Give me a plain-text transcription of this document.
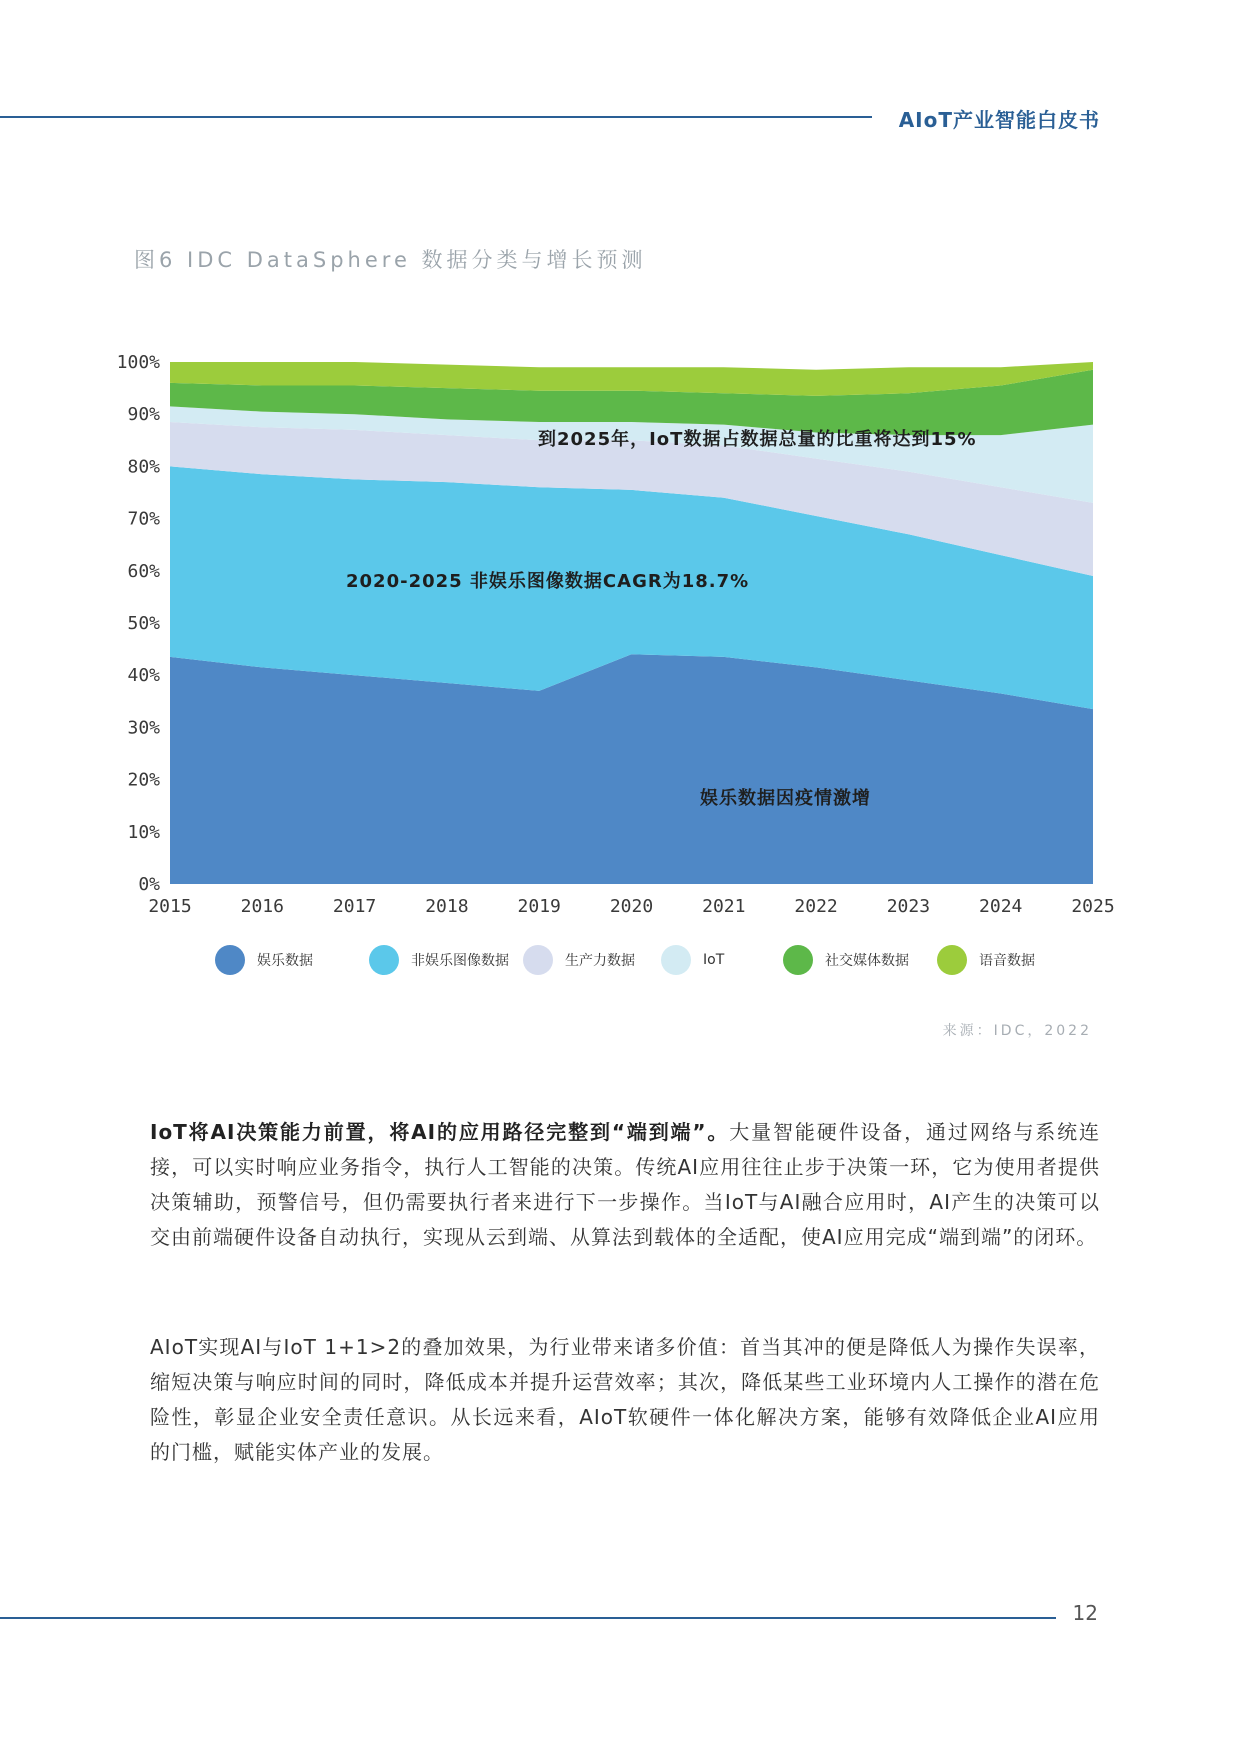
AIoT产业智能白皮书
图6 IDC DataSphere 数据分类与增长预测
0%
10%
20%
30%
40%
50%
60%
70%
80%
90%
100%
2015	2016	2017	2018	2019	2020	2021	2022	2023	2024	2025
到2025年，IoT数据占数据总量的比重将达到15%
2020-2025 非娱乐图像数据CAGR为18.7%
娱乐数据因疫情激增
娱乐数据	非娱乐图像数据	生产力数据	IoT	社交媒体数据	语音数据
来源：IDC，2022
IoT将AI决策能力前置，将AI的应用路径完整到“端到端”。大量智能硬件设备，通过网络与系统连接，可以实时响应业务指令，执行人工智能的决策。传统AI应用往往止步于决策一环，它为使用者提供决策辅助，预警信号，但仍需要执行者来进行下一步操作。当IoT与AI融合应用时，AI产生的决策可以交由前端硬件设备自动执行，实现从云到端、从算法到载体的全适配，使AI应用完成“端到端”的闭环。
AIoT实现AI与IoT 1+1>2的叠加效果，为行业带来诸多价值：首当其冲的便是降低人为操作失误率，缩短决策与响应时间的同时，降低成本并提升运营效率；其次，降低某些工业环境内人工操作的潜在危险性，彰显企业安全责任意识。从长远来看，AIoT软硬件一体化解决方案，能够有效降低企业AI应用的门槛，赋能实体产业的发展。
12
